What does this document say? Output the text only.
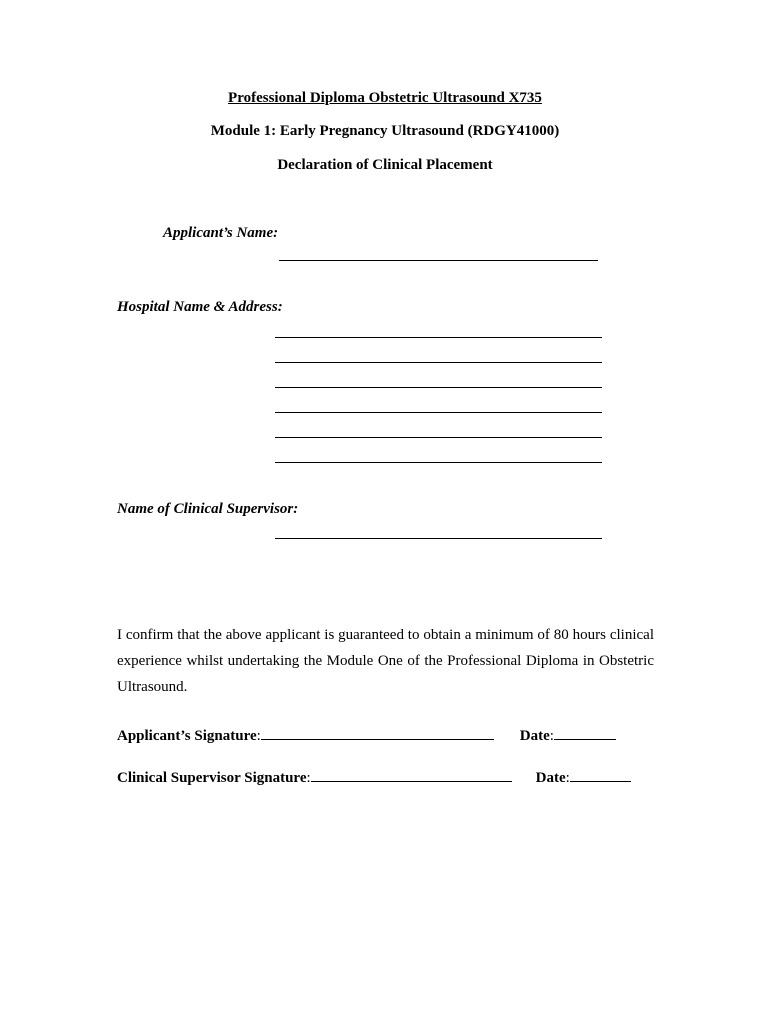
Professional Diploma Obstetric Ultrasound X735
Module 1: Early Pregnancy Ultrasound (RDGY41000)
Declaration of Clinical Placement
Applicant’s Name:
Hospital Name & Address:
Name of Clinical Supervisor:
I confirm that the above applicant is guaranteed to obtain a minimum of 80 hours clinical experience whilst undertaking the Module One of the Professional Diploma in Obstetric Ultrasound.
Applicant’s Signature:	Date:
Clinical Supervisor Signature:	Date:
